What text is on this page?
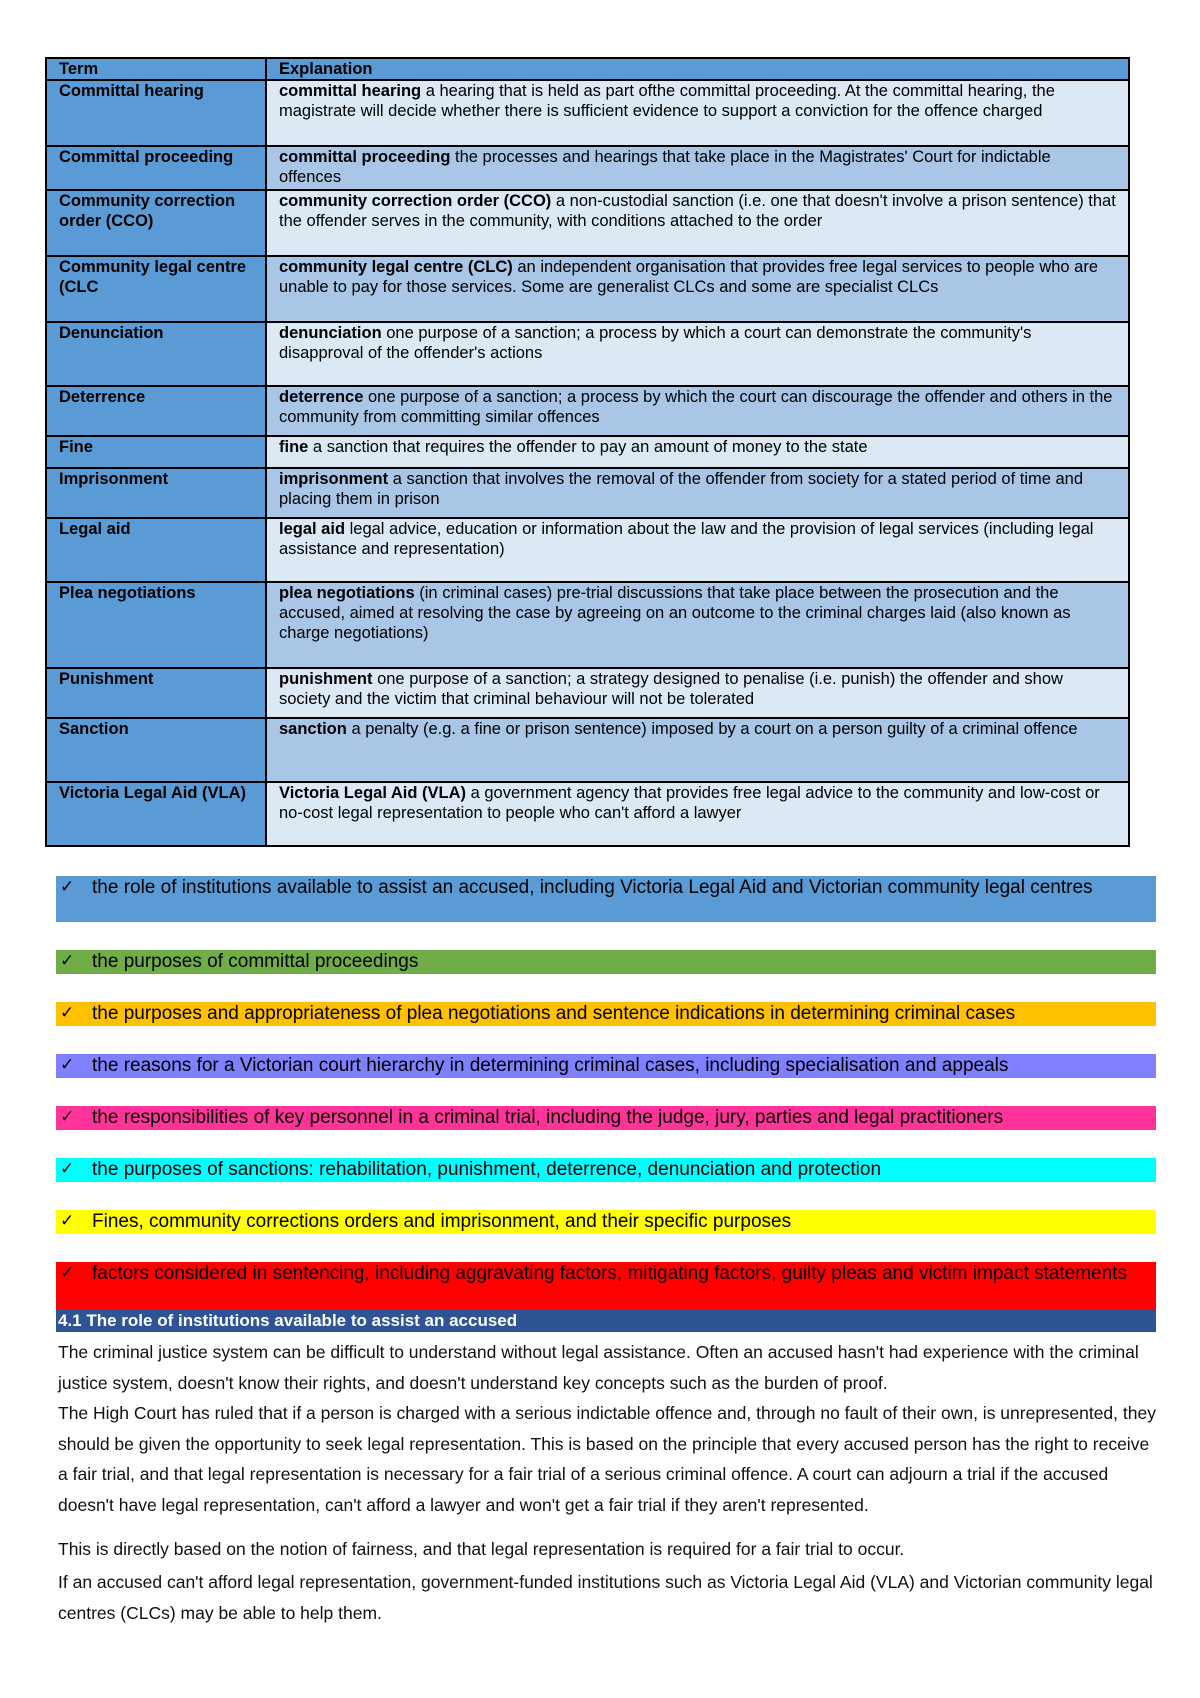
Term	Explanation
Committal hearing	committal hearing a hearing that is held as part ofthe committal proceeding. At the committal hearing, the magistrate will decide whether there is sufficient evidence to support a conviction for the offence charged
Committal proceeding	committal proceeding the processes and hearings that take place in the Magistrates' Court for indictable offences
Community correction order (CCO)	community correction order (CCO) a non-custodial sanction (i.e. one that doesn't involve a prison sentence) that the offender serves in the community, with conditions attached to the order
Community legal centre (CLC	community legal centre (CLC) an independent organisation that provides free legal services to people who are unable to pay for those services. Some are generalist CLCs and some are specialist CLCs
Denunciation	denunciation one purpose of a sanction; a process by which a court can demonstrate the community's disapproval of the offender's actions
Deterrence	deterrence one purpose of a sanction; a process by which the court can discourage the offender and others in the community from committing similar offences
Fine	fine a sanction that requires the offender to pay an amount of money to the state
Imprisonment	imprisonment a sanction that involves the removal of the offender from society for a stated period of time and placing them in prison
Legal aid	legal aid legal advice, education or information about the law and the provision of legal services (including legal assistance and representation)
Plea negotiations	plea negotiations (in criminal cases) pre-trial discussions that take place between the prosecution and the accused, aimed at resolving the case by agreeing on an outcome to the criminal charges laid (also known as charge negotiations)
Punishment	punishment one purpose of a sanction; a strategy designed to penalise (i.e. punish) the offender and show society and the victim that criminal behaviour will not be tolerated
Sanction	sanction a penalty (e.g. a fine or prison sentence) imposed by a court on a person guilty of a criminal offence
Victoria Legal Aid (VLA)	Victoria Legal Aid (VLA) a government agency that provides free legal advice to the community and low-cost or no-cost legal representation to people who can't afford a lawyer
✓ the role of institutions available to assist an accused, including Victoria Legal Aid and Victorian community legal centres
✓ the purposes of committal proceedings
✓ the purposes and appropriateness of plea negotiations and sentence indications in determining criminal cases
✓ the reasons for a Victorian court hierarchy in determining criminal cases, including specialisation and appeals
✓ the responsibilities of key personnel in a criminal trial, including the judge, jury, parties and legal practitioners
✓ the purposes of sanctions: rehabilitation, punishment, deterrence, denunciation and protection
✓ Fines, community corrections orders and imprisonment, and their specific purposes
✓ factors considered in sentencing, including aggravating factors, mitigating factors, guilty pleas and victim impact statements
4.1 The role of institutions available to assist an accused
The criminal justice system can be difficult to understand without legal assistance. Often an accused hasn't had experience with the criminal justice system, doesn't know their rights, and doesn't understand key concepts such as the burden of proof.
The High Court has ruled that if a person is charged with a serious indictable offence and, through no fault of their own, is unrepresented, they should be given the opportunity to seek legal representation. This is based on the principle that every accused person has the right to receive a fair trial, and that legal representation is necessary for a fair trial of a serious criminal offence. A court can adjourn a trial if the accused doesn't have legal representation, can't afford a lawyer and won't get a fair trial if they aren't represented.
This is directly based on the notion of fairness, and that legal representation is required for a fair trial to occur.
If an accused can't afford legal representation, government-funded institutions such as Victoria Legal Aid (VLA) and Victorian community legal centres (CLCs) may be able to help them.
